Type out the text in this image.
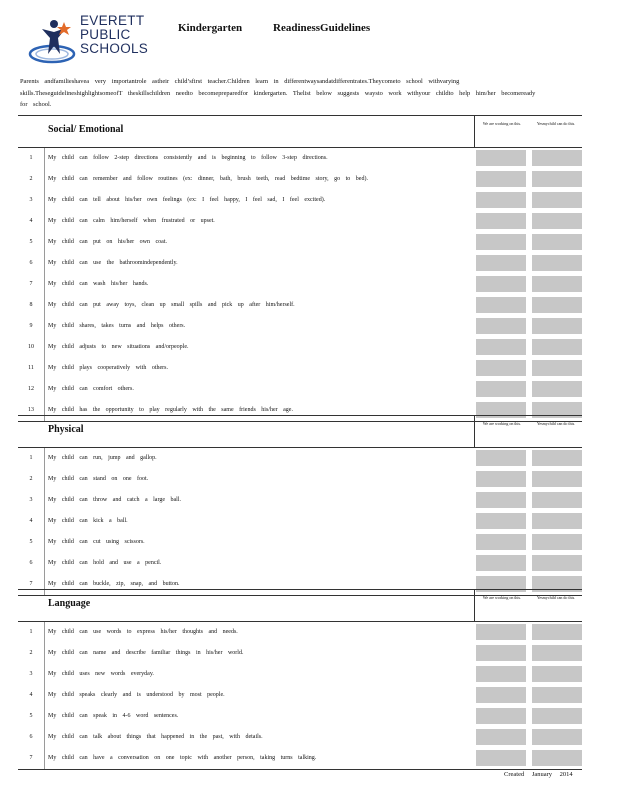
EVERETT
PUBLIC
SCHOOLS
Kindergarten	ReadinessGuidelines
Parents andfamilieshavea very importantrole astheir child’sfirst teacher.Children learn in differentwaysandatdifferentrates.Theycometo school withvarying skills.TheseguidelineshighlightsomeofT theskillschildren needto becomepreparedfor kindergarten. Thelist below suggests waysto work withyour childto help him/her becomeready for school.
Social/ Emotional
We are working on this.	Yesmychild can do this.
1	My child can follow 2-step directions consistently and is beginning to follow 3-step directions.
2	My child can remember and follow routines (ex: dinner, bath, brush teeth, read bedtime story, go to bed).
3	My child can tell about his/her own feelings (ex: I feel happy, I feel sad, I feel excited).
4	My child can calm him/herself when frustrated or upset.
5	My child can put on his/her own coat.
6	My child can use the bathroomindependently.
7	My child can wash his/her hands.
8	My child can put away toys, clean up small spills and pick up after him/herself.
9	My child shares, takes turns and helps others.
10	My child adjusts to new situations and/orpeople.
11	My child plays cooperatively with others.
12	My child can comfort others.
13	My child has the opportunity to play regularly with the same friends his/her age.
Physical
We are working on this.	Yesmychild can do this.
1	My child can run, jump and gallop.
2	My child can stand on one foot.
3	My child can throw and catch a large ball.
4	My child can kick a ball.
5	My child can cut using scissors.
6	My child can hold and use a pencil.
7	My child can buckle, zip, snap, and button.
Language
We are working on this.	Yesmychild can do this.
1	My child can use words to express his/her thoughts and needs.
2	My child can name and describe familiar things in his/her world.
3	My child uses new words everyday.
4	My child speaks clearly and is understood by most people.
5	My child can speak in 4-6 word sentences.
6	My child can talk about things that happened in the past, with details.
7	My child can have a conversation on one topic with another person, taking turns talking.
Created January 2014
